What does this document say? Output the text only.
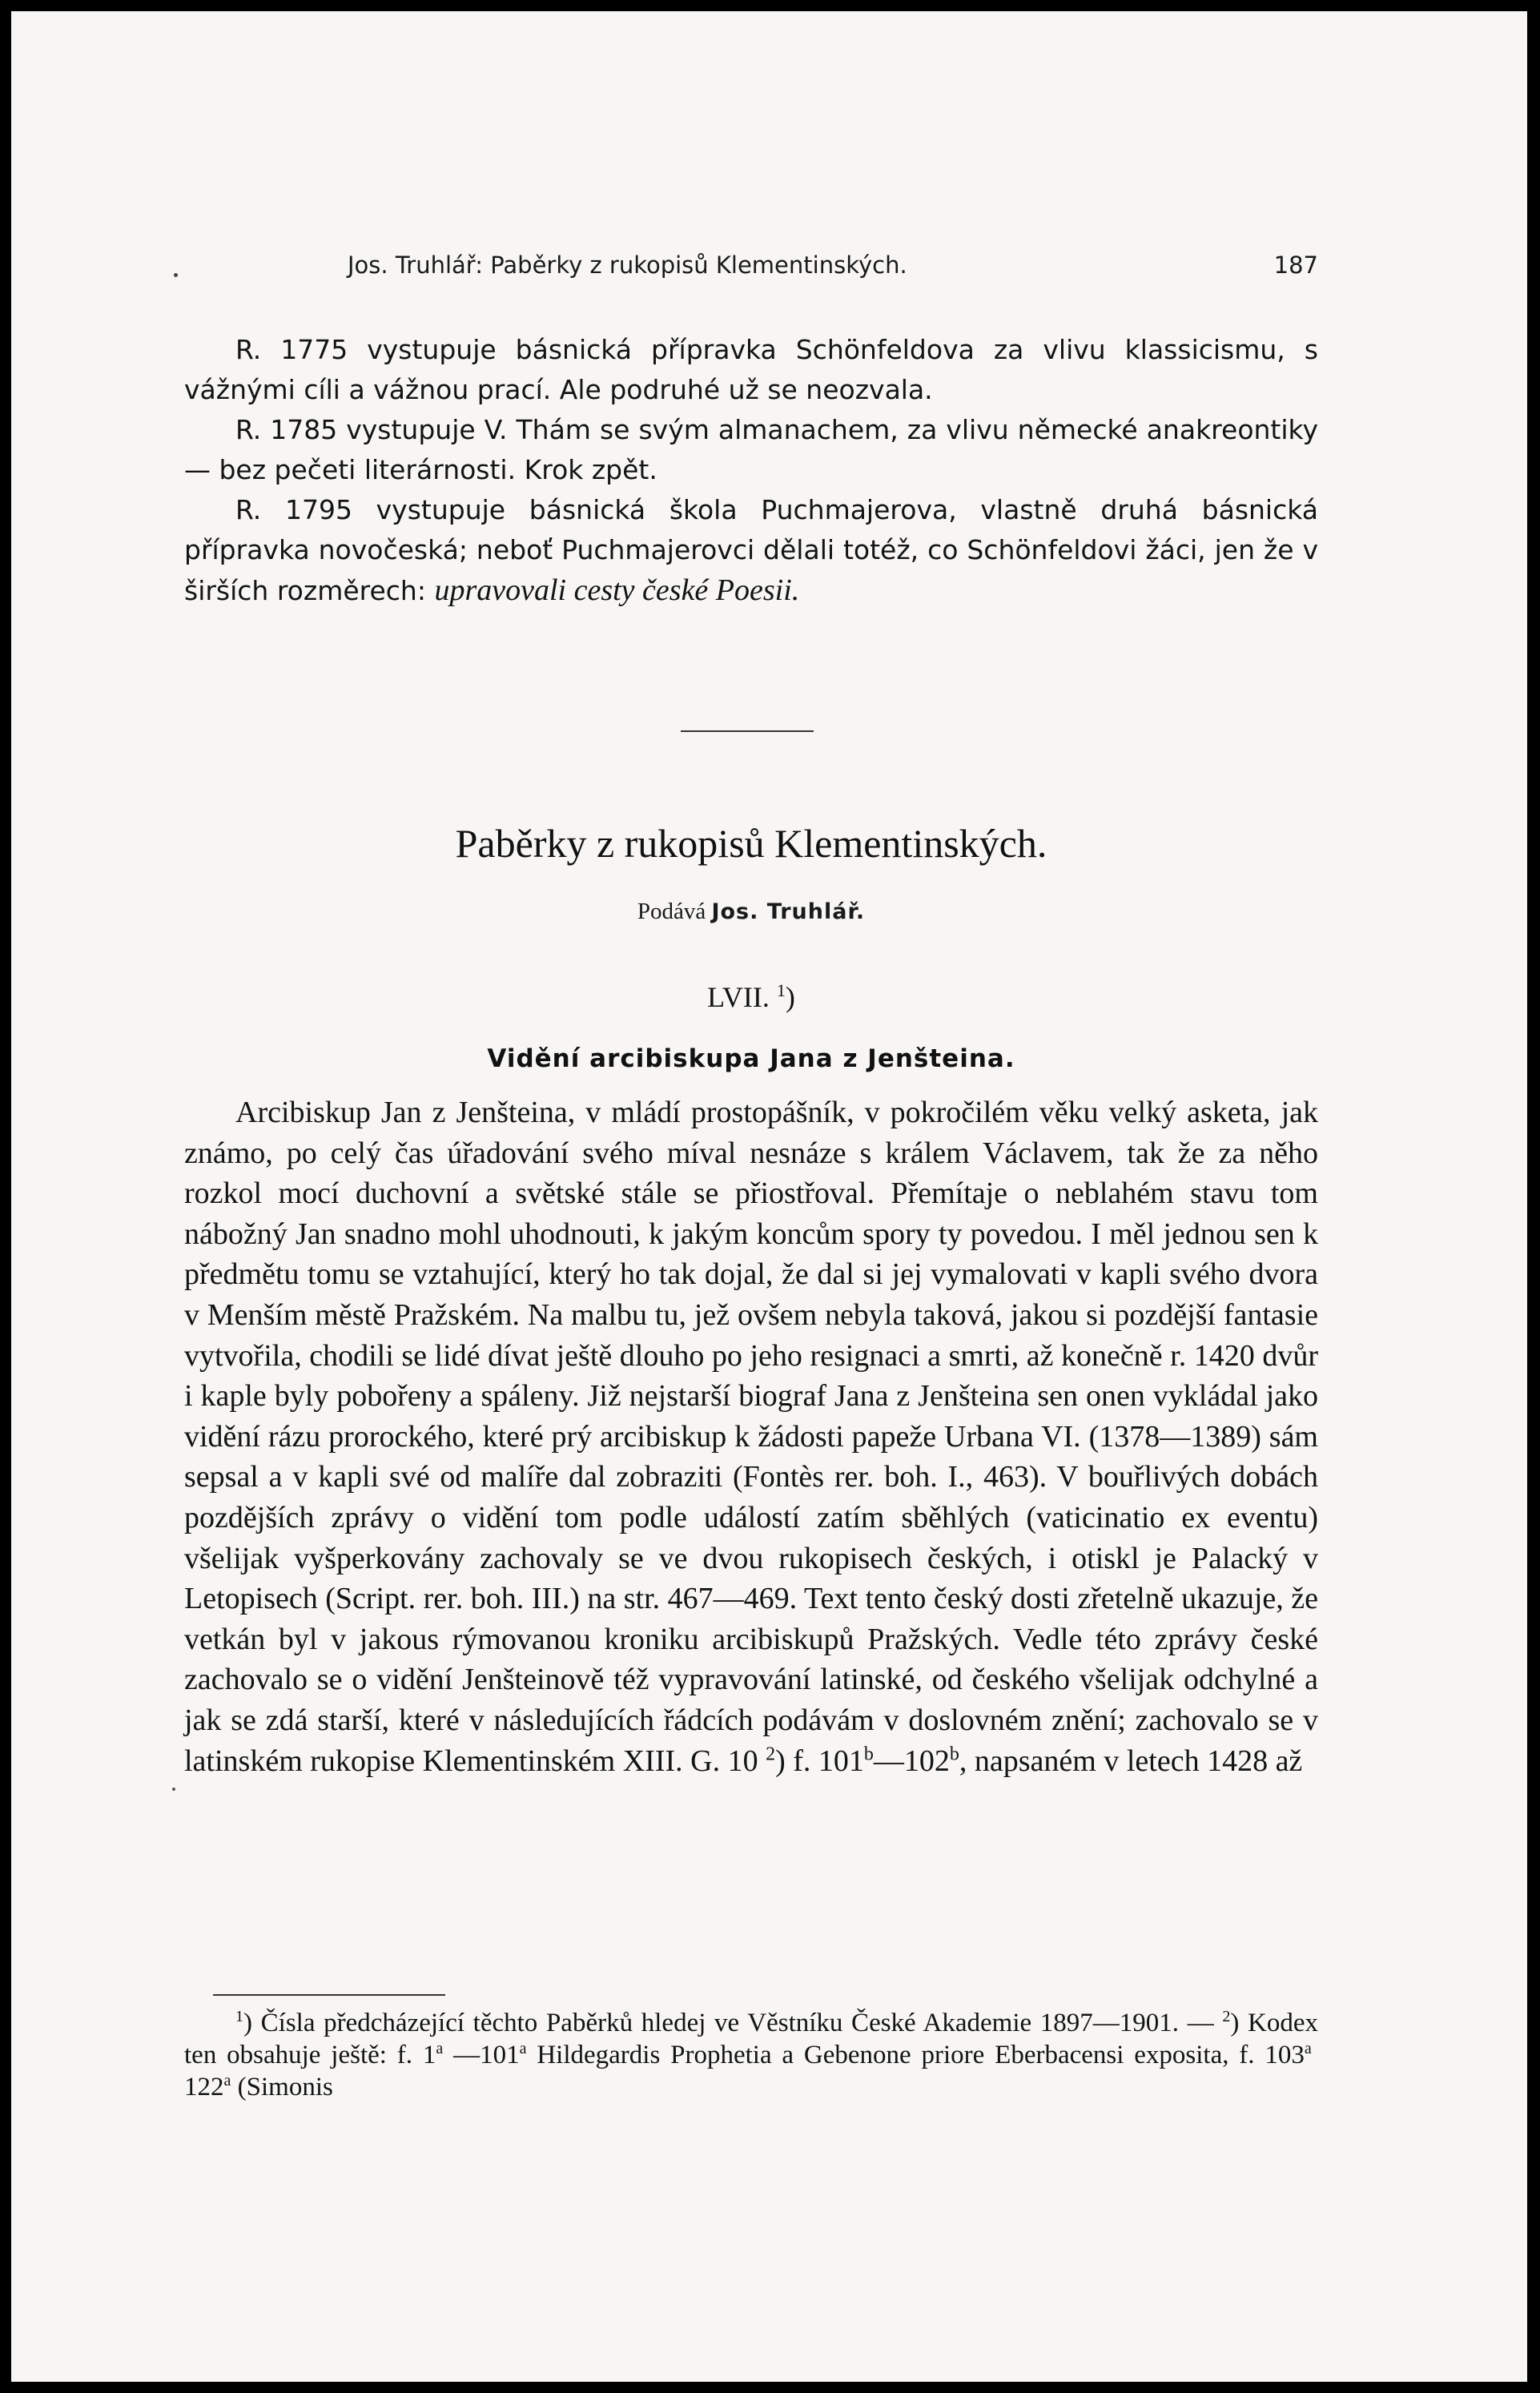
Jos. Truhlář: Paběrky z rukopisů Klementinských.	187

R. 1775 vystupuje básnická přípravka Schönfeldova za vlivu klassicismu, s vážnými cíli a vážnou prací. Ale podruhé už se neozvala.

R. 1785 vystupuje V. Thám se svým almanachem, za vlivu německé anakreontiky — bez pečeti literárnosti. Krok zpět.

R. 1795 vystupuje básnická škola Puchmajerova, vlastně druhá básnická přípravka novočeská; neboť Puchmajerovci dělali totéž, co Schönfeldovi žáci, jen že v širších rozměrech: upravovali cesty české Poesii.

Paběrky z rukopisů Klementinských.
Podává Jos. Truhlář.
LVII. $^1$)
Vidění arcibiskupa Jana z Jenšteina.

Arcibiskup Jan z Jenšteina, v mládí prostopášník, v pokročilém věku velký asketa, jak známo, po celý čas úřadování svého míval nesnáze s králem Václavem, tak že za něho rozkol mocí duchovní a světské stále se přiostřoval. Přemítaje o neblahém stavu tom nábožný Jan snadno mohl uhodnouti, k jakým koncům spory ty povedou. I měl jednou sen k předmětu tomu se vztahující, který ho tak dojal, že dal si jej vymalovati v kapli svého dvora v Menším městě Pražském. Na malbu tu, jež ovšem nebyla taková, jakou si pozdější fantasie vytvořila, chodili se lidé dívat ještě dlouho po jeho resignaci a smrti, až konečně r. 1420 dvůr i kaple byly pobořeny a spáleny. Již nejstarší biograf Jana z Jenšteina sen onen vykládal jako vidění rázu prorockého, které prý arcibiskup k žádosti papeže Urbana VI. (1378—1389) sám sepsal a v kapli své od malíře dal zobraziti (Fontès rer. boh. I., 463). V bouřlivých dobách pozdějších zprávy o vidění tom podle událostí zatím sběhlých (vaticinatio ex eventu) všelijak vyšperkovány zachovaly se ve dvou rukopisech českých, i otiskl je Palacký v Letopisech (Script. rer. boh. III.) na str. 467—469. Text tento český dosti zřetelně ukazuje, že vetkán byl v jakous rýmovanou kroniku arcibiskupů Pražských. Vedle této zprávy české zachovalo se o vidění Jenšteinově též vypravování latinské, od českého všelijak odchylné a jak se zdá starší, které v následujících řádcích podávám v doslovném znění; zachovalo se v latinském rukopise Klementinském XIII. G. 10 $^2$) f. 101$^b$—102$^b$, napsaném v letech 1428 až

$^1$) Čísla předcházející těchto Paběrků hledej ve Věstníku České Akademie 1897—1901. — $^2$) Kodex ten obsahuje ještě: f. 1$^a$ —101$^a$ Hildegardis Prophetia a Gebenone priore Eberbacensi exposita, f. 103$^a$  122$^a$ (Simonis
